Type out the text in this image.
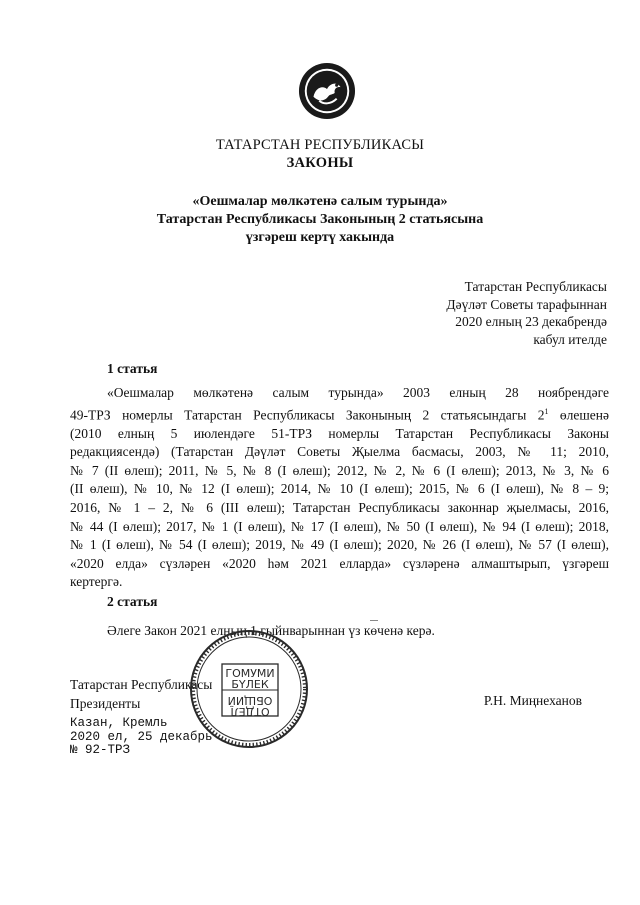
ТАТАРСТАН РЕСПУБЛИКАСЫ
ЗАКОНЫ
«Оешмалар мөлкәтенә салым турында»
Татарстан Республикасы Законының 2 статьясына
үзгәреш кертү хакында
Татарстан Республикасы
Дәүләт Советы тарафыннан
2020 елның 23 декабрендә
кабул ителде
1 статья
«Оешмалар мөлкәтенә салым турында» 2003 елның 28 ноябрендәге
49-ТРЗ номерлы Татарстан Республикасы Законының 2 статьясындагы $2^1$ өлешенә
(2010 елның 5 июлендәге 51-ТРЗ номерлы Татарстан Республикасы Законы
редакциясендә) (Татарстан Дәүләт Советы Җыелма басмасы, 2003, № 11; 2010,
№ 7 (II өлеш); 2011, № 5, № 8 (I өлеш); 2012, № 2, № 6 (I өлеш); 2013, № 3, № 6
(II өлеш), № 10, № 12 (I өлеш); 2014, № 10 (I өлеш); 2015, № 6 (I өлеш), № 8 – 9;
2016, № 1 – 2, № 6 (III өлеш); Татарстан Республикасы законнар җыелмасы, 2016,
№ 44 (I өлеш); 2017, № 1 (I өлеш), № 17 (I өлеш), № 50 (I өлеш), № 94 (I өлеш); 2018,
№ 1 (I өлеш), № 54 (I өлеш); 2019, № 49 (I өлеш); 2020, № 26 (I өлеш), № 57 (I өлеш),
«2020 елда» сүзләрен «2020 һәм 2021 елларда» сүзләренә алмаштырып, үзгәреш
кертергә.
2 статья
Әлеге Закон 2021 елның 1 гыйнварыннан үз көченә керә.
Татарстан Республикасы
Президенты	Р.Н. Миңнеханов
Казан, Кремль
2020 ел, 25 декабрь
№ 92-ТРЗ
ГОМУМИ
БҮЛЕК
ОТДЕЛ
ОБЩИЙ
